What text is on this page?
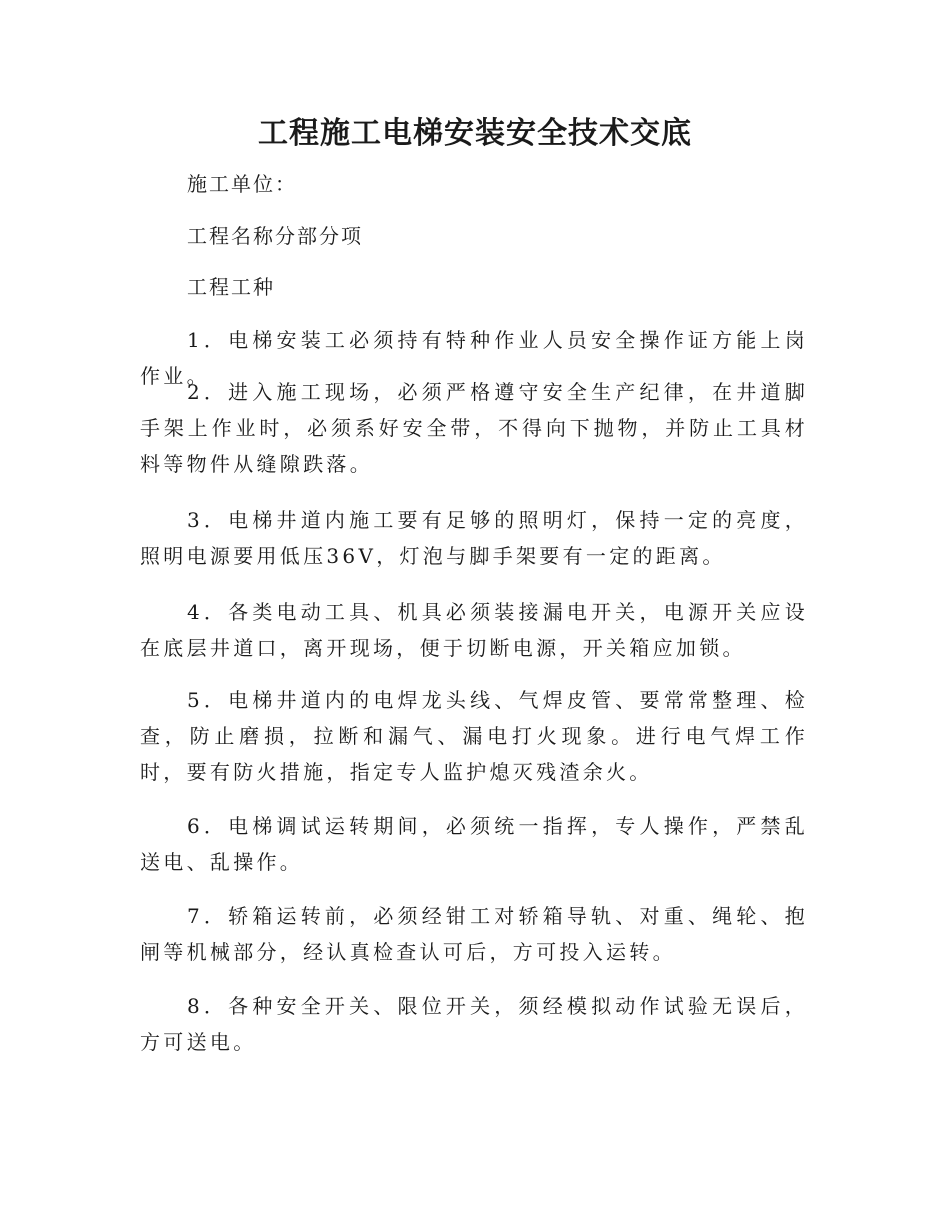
工程施工电梯安装安全技术交底

施工单位：

工程名称分部分项

工程工种

1．电梯安装工必须持有特种作业人员安全操作证方能上岗作业。

2．进入施工现场，必须严格遵守安全生产纪律，在井道脚手架上作业时，必须系好安全带，不得向下抛物，并防止工具材料等物件从缝隙跌落。

3．电梯井道内施工要有足够的照明灯，保持一定的亮度，照明电源要用低压36V，灯泡与脚手架要有一定的距离。

4．各类电动工具、机具必须装接漏电开关，电源开关应设在底层井道口，离开现场，便于切断电源，开关箱应加锁。

5．电梯井道内的电焊龙头线、气焊皮管、要常常整理、检查，防止磨损，拉断和漏气、漏电打火现象。进行电气焊工作时，要有防火措施，指定专人监护熄灭残渣余火。

6．电梯调试运转期间，必须统一指挥，专人操作，严禁乱送电、乱操作。

7．轿箱运转前，必须经钳工对轿箱导轨、对重、绳轮、抱闸等机械部分，经认真检查认可后，方可投入运转。

8．各种安全开关、限位开关，须经模拟动作试验无误后，方可送电。
